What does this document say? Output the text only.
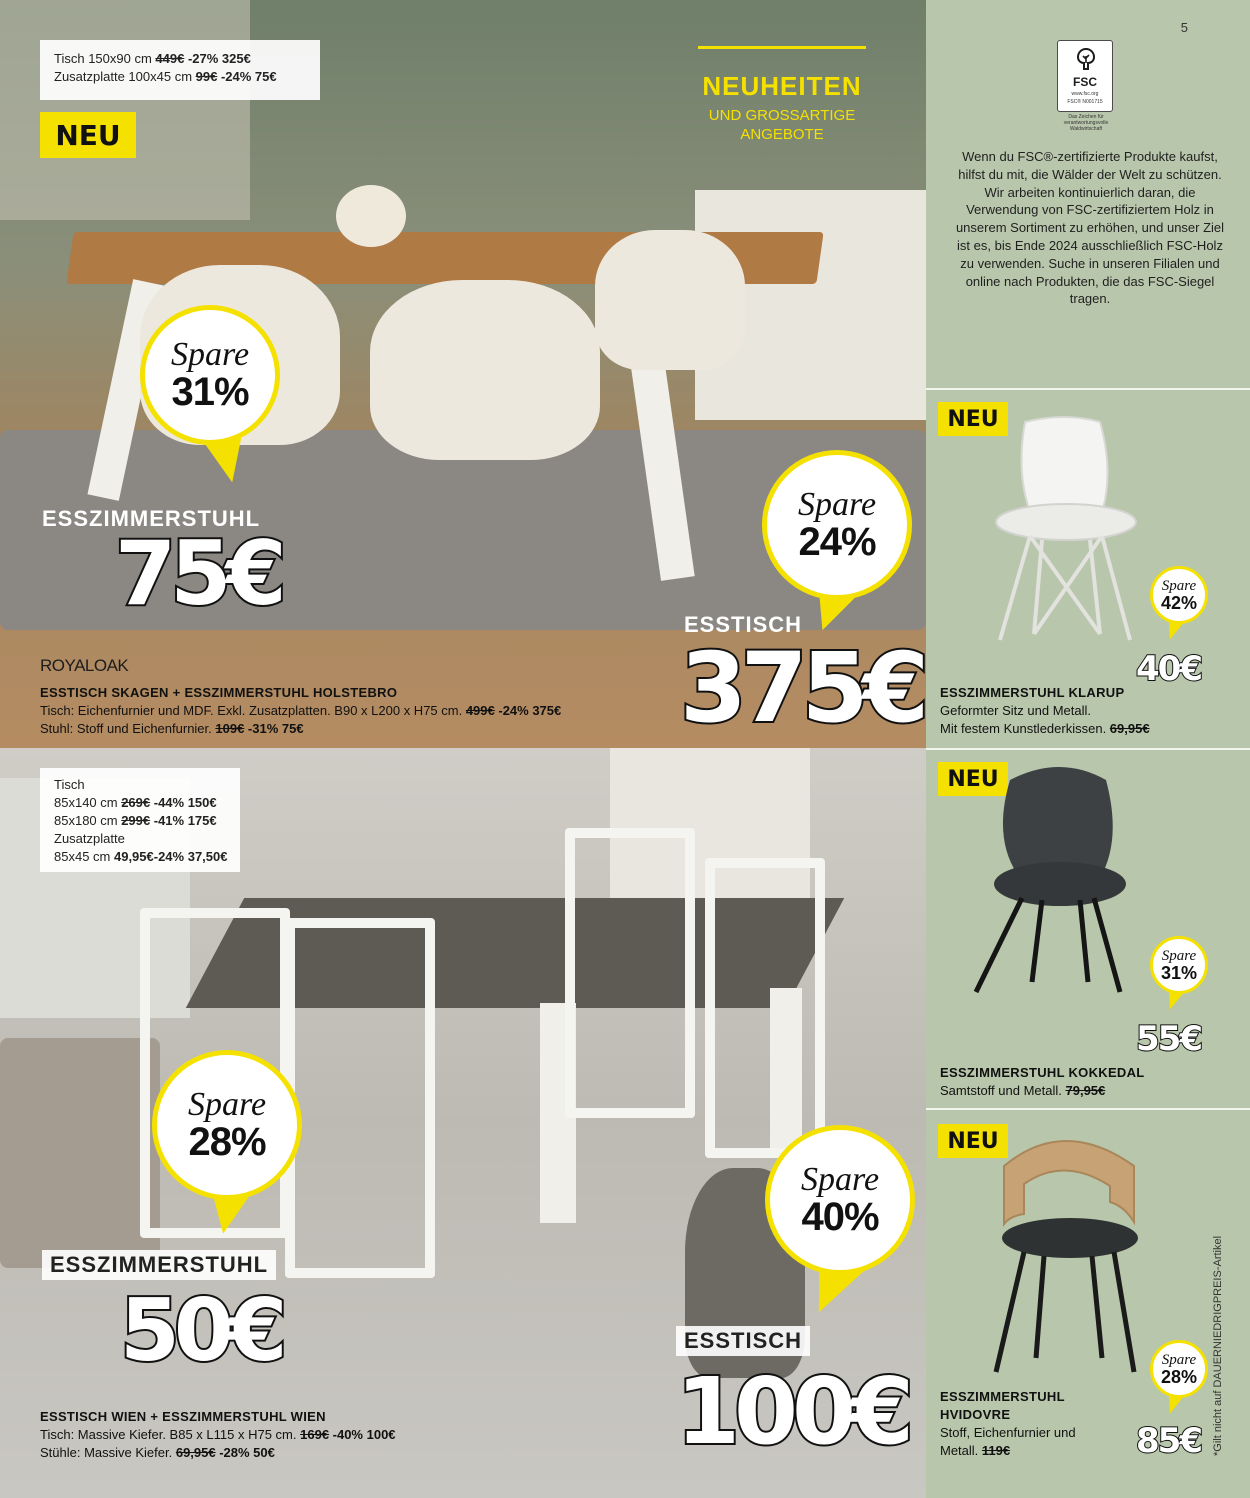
Tisch 150x90 cm 449€ -27% 325€
Zusatzplatte 100x45 cm 99€ -24% 75€
NEU
NEUHEITEN
UND GROSSARTIGE
ANGEBOTE
Spare
31%
ESSZIMMERSTUHL
75€
Spare
24%
ESSTISCH
375€
ROYALOAK
ESSTISCH SKAGEN + ESSZIMMERSTUHL HOLSTEBRO
Tisch: Eichenfurnier und MDF. Exkl. Zusatzplatten. B90 x L200 x H75 cm. 499€ -24% 375€
Stuhl: Stoff und Eichenfurnier. 109€ -31% 75€
Tisch
85x140 cm 269€ -44% 150€
85x180 cm 299€ -41% 175€
Zusatzplatte
85x45 cm 49,95€-24% 37,50€
Spare
28%
ESSZIMMERSTUHL
50€
Spare
40%
ESSTISCH
100€
ESSTISCH WIEN + ESSZIMMERSTUHL WIEN
Tisch: Massive Kiefer. B85 x L115 x H75 cm. 169€ -40% 100€
Stühle: Massive Kiefer. 69,95€ -28% 50€
5
FSC
www.fsc.org
FSC® N001715
Das Zeichen für
verantwortungsvolle
Waldwirtschaft
Wenn du FSC®-zertifizierte Produkte kaufst, hilfst du mit, die Wälder der Welt zu schützen. Wir arbeiten kontinuierlich daran, die Verwendung von FSC-zertifiziertem Holz in unserem Sortiment zu erhöhen, und unser Ziel ist es, bis Ende 2024 ausschließlich FSC-Holz zu verwenden. Suche in unseren Filialen und online nach Produkten, die das FSC-Siegel tragen.
NEU
Spare
42%
40€
ESSZIMMERSTUHL KLARUP
Geformter Sitz und Metall.
Mit festem Kunstlederkissen. 69,95€
NEU
Spare
31%
55€
ESSZIMMERSTUHL KOKKEDAL
Samtstoff und Metall. 79,95€
NEU
Spare
28%
85€
ESSZIMMERSTUHL
HVIDOVRE
Stoff, Eichenfurnier und
Metall. 119€	*Gilt nicht auf DAUERNIEDRIGPREIS-Artikel
